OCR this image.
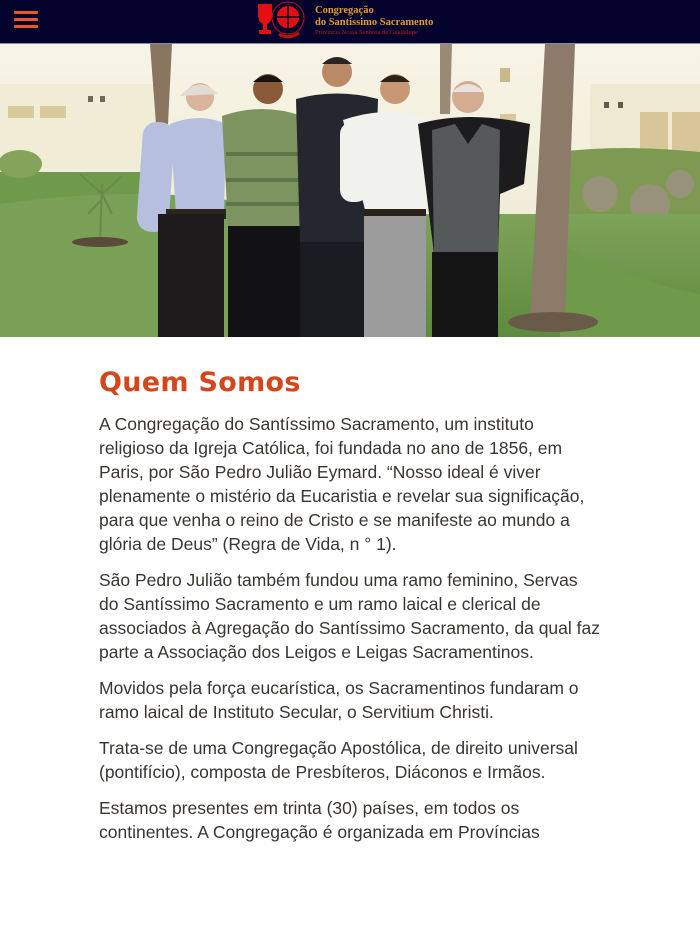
Congregação
do Santíssimo Sacramento
Província Nossa Senhora de Guadalupe
Quem Somos

A Congregação do Santíssimo Sacramento, um instituto religioso da Igreja Católica, foi fundada no ano de 1856, em Paris, por São Pedro Julião Eymard. “Nosso ideal é viver plenamente o mistério da Eucaristia e revelar sua significação, para que venha o reino de Cristo e se manifeste ao mundo a glória de Deus” (Regra de Vida, n ° 1).

São Pedro Julião também fundou uma ramo feminino, Servas do Santíssimo Sacramento e um ramo laical e clerical de associados à Agregação do Santíssimo Sacramento, da qual faz parte a Associação dos Leigos e Leigas Sacramentinos.

Movidos pela força eucarística, os Sacramentinos fundaram o ramo laical de Instituto Secular, o Servitium Christi.

Trata-se de uma Congregação Apostólica, de direito universal (pontifício), composta de Presbíteros, Diáconos e Irmãos.

Estamos presentes em trinta (30) países, em todos os continentes. A Congregação é organizada em Províncias
